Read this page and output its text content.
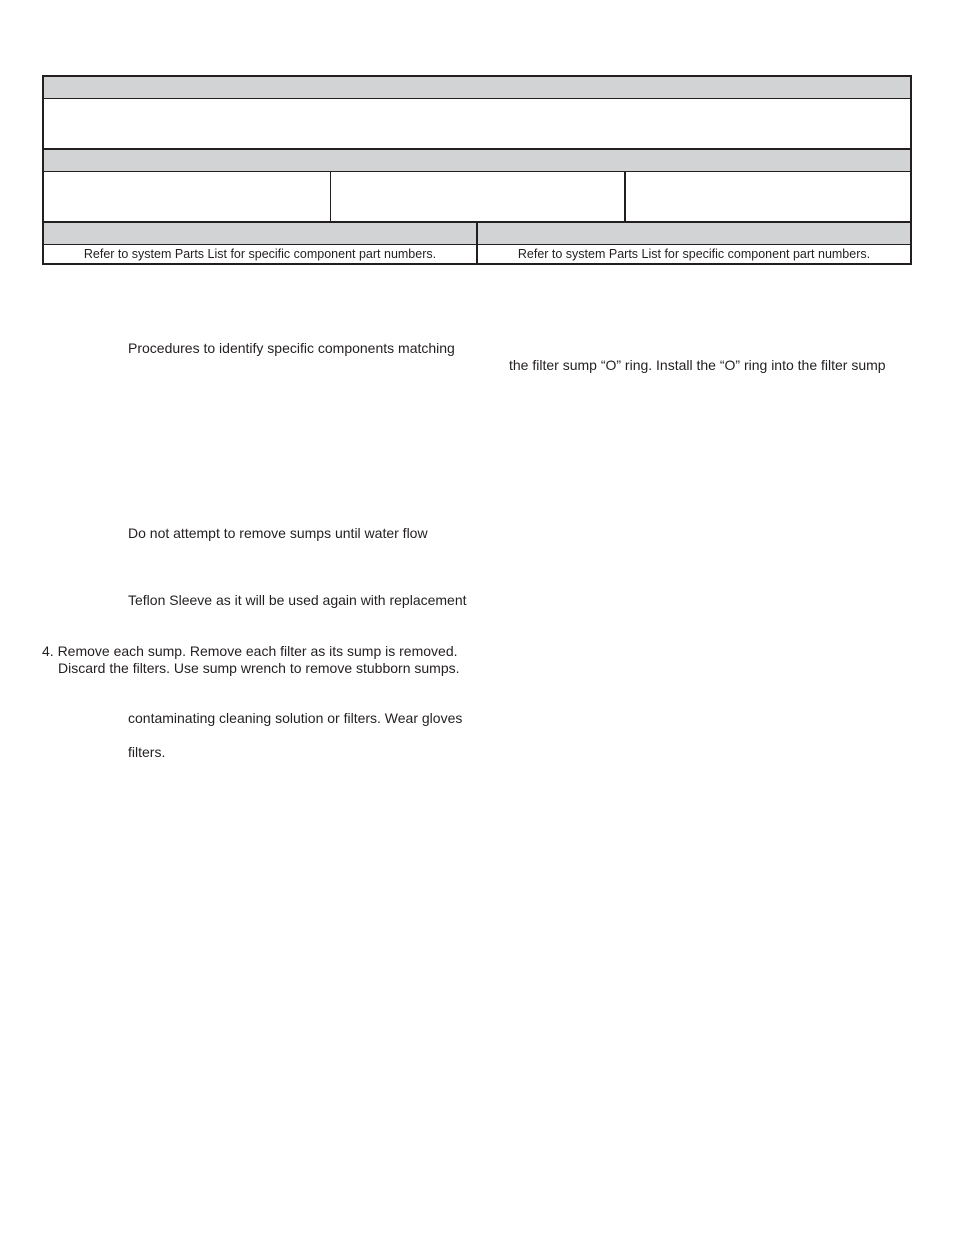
Refer to system Parts List for specific component part numbers.	Refer to system Parts List for specific component part numbers.
Procedures to identify specific components matching
the filter sump “O” ring. Install the “O” ring into the filter sump
Do not attempt to remove sumps until water flow
Teflon Sleeve as it will be used again with replacement
4. Remove each sump. Remove each filter as its sump is removed.
Discard the filters. Use sump wrench to remove stubborn sumps.
contaminating cleaning solution or filters. Wear gloves
filters.
